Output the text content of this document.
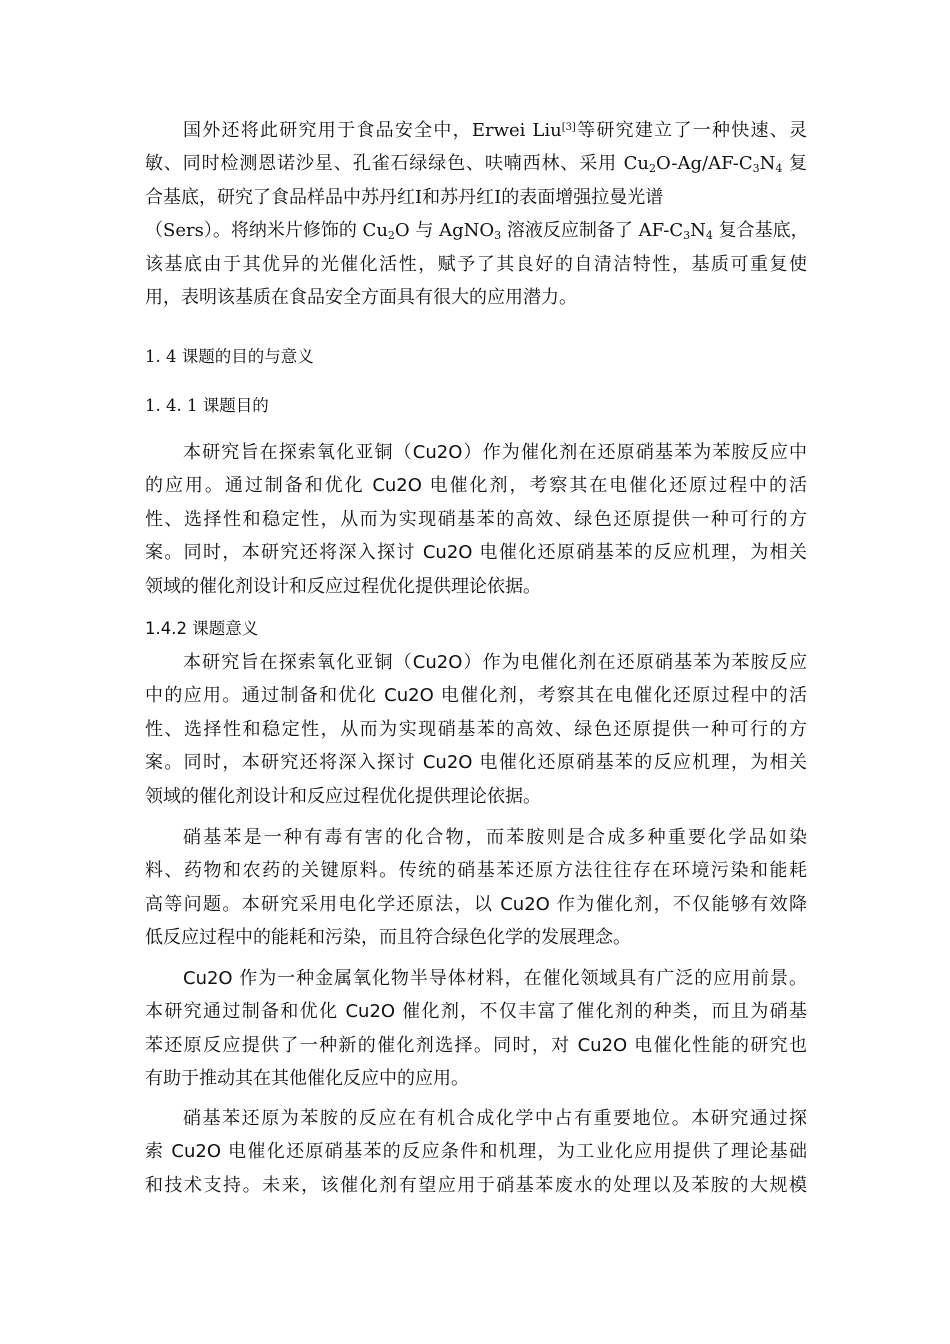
国外还将此研究用于食品安全中，Erwei Liu[3]等研究建立了一种快速、灵
敏、同时检测恩诺沙星、孔雀石绿绿色、呋喃西林、采用 $Cu_2O-Ag/AF-C_3N_4$ 复
合基底，研究了食品样品中苏丹红Ⅰ和苏丹红Ⅰ的表面增强拉曼光谱
（Sers）。将纳米片修饰的 $Cu_2O$ 与 AgNO$_3$ 溶液反应制备了 $AF-C_3N_4$ 复合基底，
该基底由于其优异的光催化活性，赋予了其良好的自清洁特性，基质可重复使
用，表明该基质在食品安全方面具有很大的应用潜力。
1. 4 课题的目的与意义
1. 4. 1 课题目的
本研究旨在探索氧化亚铜（Cu2O）作为催化剂在还原硝基苯为苯胺反应中
的应用。通过制备和优化 Cu2O 电催化剂，考察其在电催化还原过程中的活
性、选择性和稳定性，从而为实现硝基苯的高效、绿色还原提供一种可行的方
案。同时，本研究还将深入探讨 Cu2O 电催化还原硝基苯的反应机理，为相关
领域的催化剂设计和反应过程优化提供理论依据。
1.4.2 课题意义
本研究旨在探索氧化亚铜（Cu2O）作为电催化剂在还原硝基苯为苯胺反应
中的应用。通过制备和优化 Cu2O 电催化剂，考察其在电催化还原过程中的活
性、选择性和稳定性，从而为实现硝基苯的高效、绿色还原提供一种可行的方
案。同时，本研究还将深入探讨 Cu2O 电催化还原硝基苯的反应机理，为相关
领域的催化剂设计和反应过程优化提供理论依据。
硝基苯是一种有毒有害的化合物，而苯胺则是合成多种重要化学品如染
料、药物和农药的关键原料。传统的硝基苯还原方法往往存在环境污染和能耗
高等问题。本研究采用电化学还原法，以 Cu2O 作为催化剂，不仅能够有效降
低反应过程中的能耗和污染，而且符合绿色化学的发展理念。
Cu2O 作为一种金属氧化物半导体材料，在催化领域具有广泛的应用前景。
本研究通过制备和优化 Cu2O 催化剂，不仅丰富了催化剂的种类，而且为硝基
苯还原反应提供了一种新的催化剂选择。同时，对 Cu2O 电催化性能的研究也
有助于推动其在其他催化反应中的应用。
硝基苯还原为苯胺的反应在有机合成化学中占有重要地位。本研究通过探
索 Cu2O 电催化还原硝基苯的反应条件和机理，为工业化应用提供了理论基础
和技术支持。未来，该催化剂有望应用于硝基苯废水的处理以及苯胺的大规模
